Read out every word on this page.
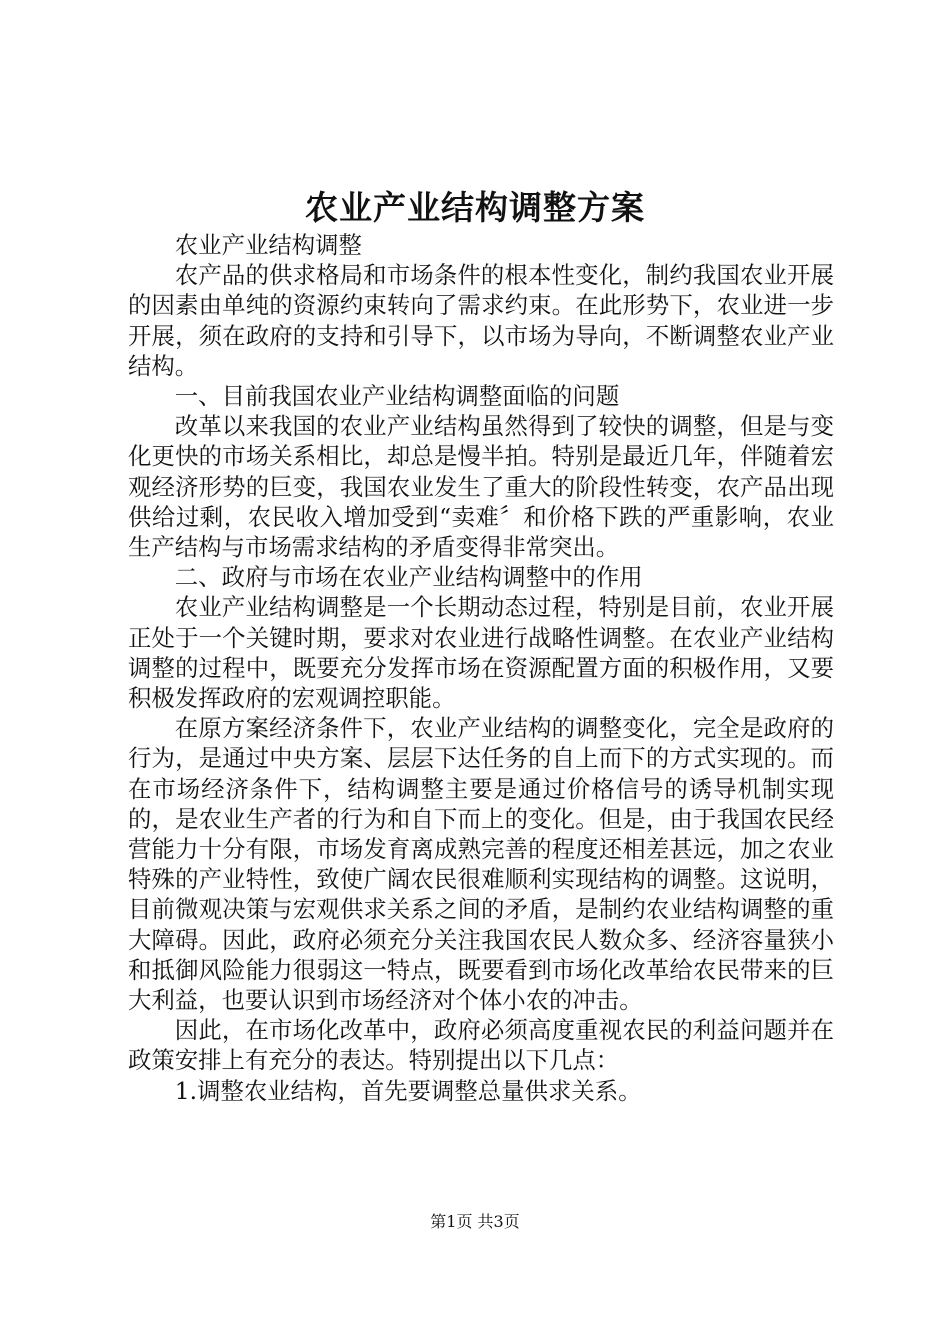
农业产业结构调整方案

农业产业结构调整

农产品的供求格局和市场条件的根本性变化，制约我国农业开展的因素由单纯的资源约束转向了需求约束。在此形势下，农业进一步开展，须在政府的支持和引导下，以市场为导向，不断调整农业产业结构。

一、目前我国农业产业结构调整面临的问题

改革以来我国的农业产业结构虽然得到了较快的调整，但是与变化更快的市场关系相比，却总是慢半拍。特别是最近几年，伴随着宏观经济形势的巨变，我国农业发生了重大的阶段性转变，农产品出现供给过剩，农民收入增加受到“卖难〞和价格下跌的严重影响，农业生产结构与市场需求结构的矛盾变得非常突出。

二、政府与市场在农业产业结构调整中的作用

农业产业结构调整是一个长期动态过程，特别是目前，农业开展正处于一个关键时期，要求对农业进行战略性调整。在农业产业结构调整的过程中，既要充分发挥市场在资源配置方面的积极作用，又要积极发挥政府的宏观调控职能。

在原方案经济条件下，农业产业结构的调整变化，完全是政府的行为，是通过中央方案、层层下达任务的自上而下的方式实现的。而在市场经济条件下，结构调整主要是通过价格信号的诱导机制实现的，是农业生产者的行为和自下而上的变化。但是，由于我国农民经营能力十分有限，市场发育离成熟完善的程度还相差甚远，加之农业特殊的产业特性，致使广阔农民很难顺利实现结构的调整。这说明，目前微观决策与宏观供求关系之间的矛盾，是制约农业结构调整的重大障碍。因此，政府必须充分关注我国农民人数众多、经济容量狭小和抵御风险能力很弱这一特点，既要看到市场化改革给农民带来的巨大利益，也要认识到市场经济对个体小农的冲击。

因此，在市场化改革中，政府必须高度重视农民的利益问题并在政策安排上有充分的表达。特别提出以下几点：

1.调整农业结构，首先要调整总量供求关系。

第1页 共3页
